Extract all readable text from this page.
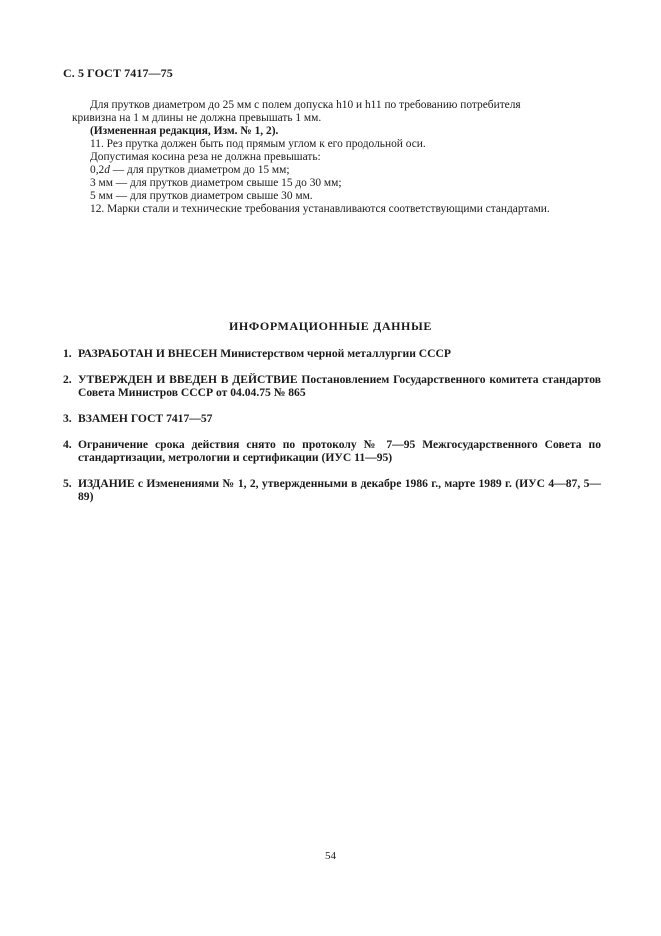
С. 5 ГОСТ 7417—75

Для прутков диаметром до 25 мм с полем допуска h10 и h11 по требованию потребителя

кривизна на 1 м длины не должна превышать 1 мм.

(Измененная редакция, Изм. № 1, 2).

11. Рез прутка должен быть под прямым углом к его продольной оси.

Допустимая косина реза не должна превышать:

0,2d — для прутков диаметром до 15 мм;

3 мм — для прутков диаметром свыше 15 до 30 мм;

5 мм — для прутков диаметром свыше 30 мм.

12. Марки стали и технические требования устанавливаются соответствующими стандартами.

ИНФОРМАЦИОННЫЕ ДАННЫЕ
1. РАЗРАБОТАН И ВНЕСЕН Министерством черной металлургии СССР
2. УТВЕРЖДЕН И ВВЕДЕН В ДЕЙСТВИЕ Постановлением Государственного комитета стандартов Совета Министров СССР от 04.04.75 № 865
3. ВЗАМЕН ГОСТ 7417—57
4. Ограничение срока действия снято по протоколу № 7—95 Межгосударственного Совета по стандартизации, метрологии и сертификации (ИУС 11—95)
5. ИЗДАНИЕ с Изменениями № 1, 2, утвержденными в декабре 1986 г., марте 1989 г. (ИУС 4—87, 5—89)
54
